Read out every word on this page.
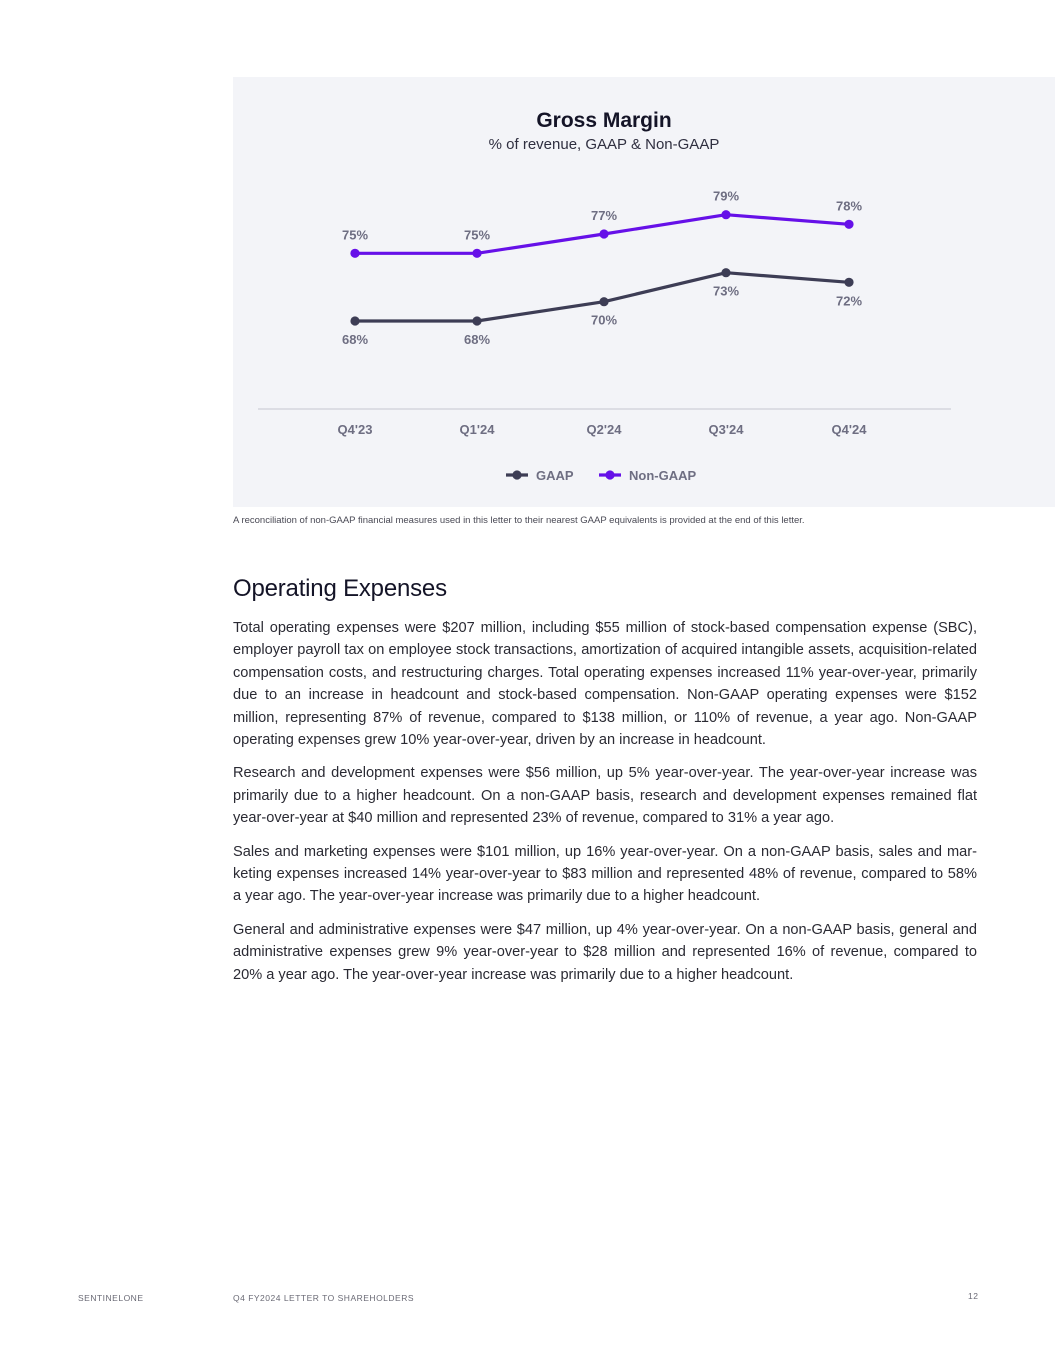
Gross Margin
% of revenue, GAAP & Non-GAAP
68%	68%
70%
73%
72%
75%	75%
77%
79%
78%
Q4'23	Q1'24	Q2'24	Q3'24	Q4'24
GAAP	Non-GAAP
A reconciliation of non-GAAP financial measures used in this letter to their nearest GAAP equivalents is provided at the end of this letter.
Operating Expenses

Total operating expenses were $207 million, including $55 million of stock-based compensation expense (SBC), employer payroll tax on employee stock transactions, amortization of acquired intangible assets, acquisition-related compensation costs, and restructuring charges. Total operating expenses increased 11% year-over-year, primarily due to an increase in headcount and stock-based compensation. Non-GAAP operating expenses were $152 million, representing 87% of revenue, compared to $138 million, or 110% of revenue, a year ago. Non-GAAP operating expenses grew 10% year-over-year, driven by an increase in headcount.

Research and development expenses were $56 million, up 5% year-over-year. The year-over-year increase was primarily due to a higher headcount. On a non-GAAP basis, research and development expenses remained flat year-over-year at $40 million and represented 23% of revenue, compared to 31% a year ago.

Sales and marketing expenses were $101 million, up 16% year-over-year. On a non-GAAP basis, sales and marketing expenses increased 14% year-over-year to $83 million and represented 48% of revenue, compared to 58% a year ago. The year-over-year increase was primarily due to a higher headcount.

General and administrative expenses were $47 million, up 4% year-over-year. On a non-GAAP basis, general and administrative expenses grew 9% year-over-year to $28 million and represented 16% of revenue, compared to 20% a year ago. The year-over-year increase was primarily due to a higher headcount.

SENTINELONE	Q4 FY2024 LETTER TO SHAREHOLDERS	12
